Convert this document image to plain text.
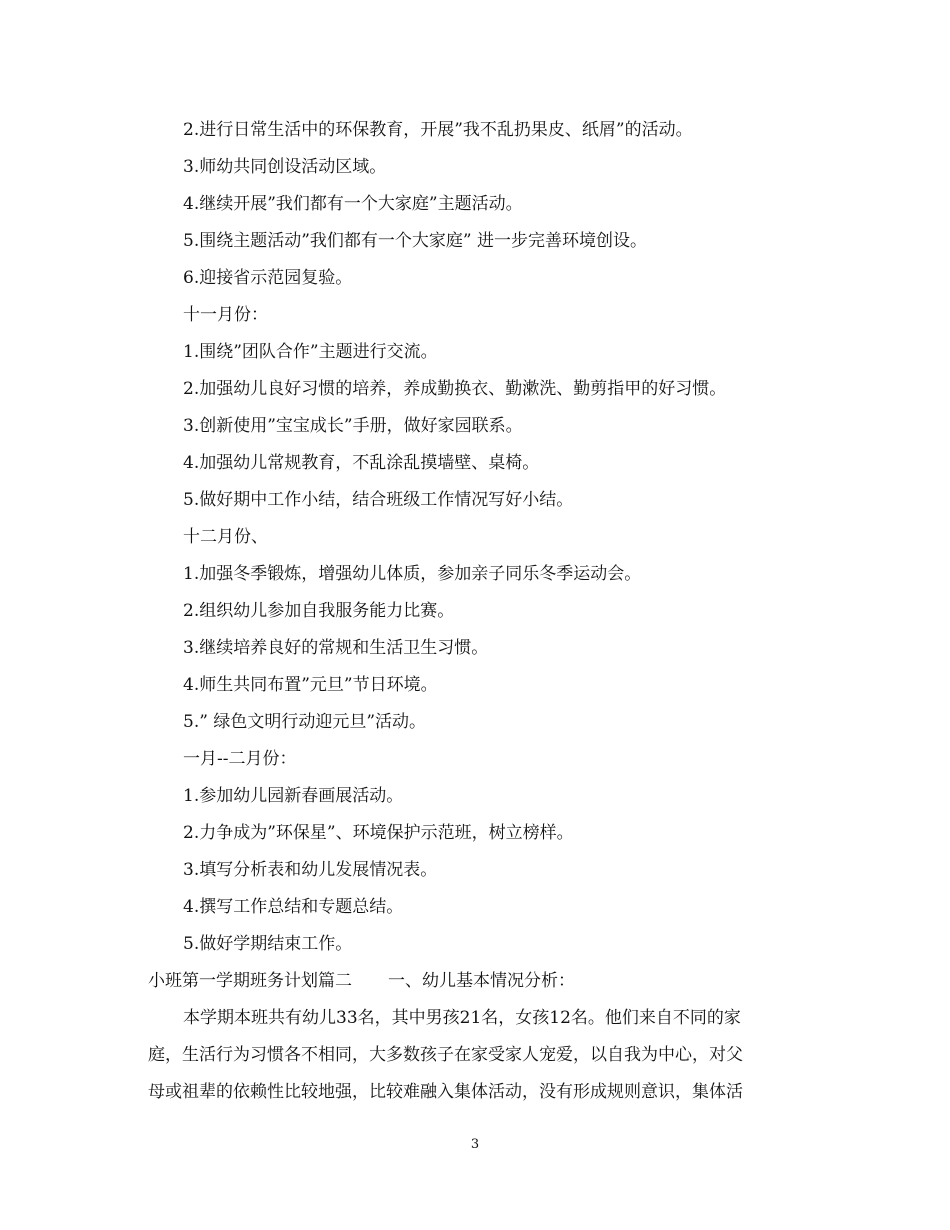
2.进行日常生活中的环保教育，开展”我不乱扔果皮、纸屑”的活动。
3.师幼共同创设活动区域。
4.继续开展”我们都有一个大家庭”主题活动。
5.围绕主题活动”我们都有一个大家庭” 进一步完善环境创设。
6.迎接省示范园复验。
十一月份：
1.围绕”团队合作”主题进行交流。
2.加强幼儿良好习惯的培养，养成勤换衣、勤漱洗、勤剪指甲的好习惯。
3.创新使用”宝宝成长”手册，做好家园联系。
4.加强幼儿常规教育，不乱涂乱摸墙壁、桌椅。
5.做好期中工作小结，结合班级工作情况写好小结。
十二月份、
1.加强冬季锻炼，增强幼儿体质，参加亲子同乐冬季运动会。
2.组织幼儿参加自我服务能力比赛。
3.继续培养良好的常规和生活卫生习惯。
4.师生共同布置”元旦”节日环境。
5.” 绿色文明行动迎元旦”活动。
一月--二月份：
1.参加幼儿园新春画展活动。
2.力争成为”环保星”、环境保护示范班，树立榜样。
3.填写分析表和幼儿发展情况表。
4.撰写工作总结和专题总结。
5.做好学期结束工作。
小班第一学期班务计划篇二 一、幼儿基本情况分析：
本学期本班共有幼儿33名，其中男孩21名，女孩12名。他们来自不同的家
庭，生活行为习惯各不相同，大多数孩子在家受家人宠爱，以自我为中心，对父
母或祖辈的依赖性比较地强，比较难融入集体活动，没有形成规则意识，集体活
3
